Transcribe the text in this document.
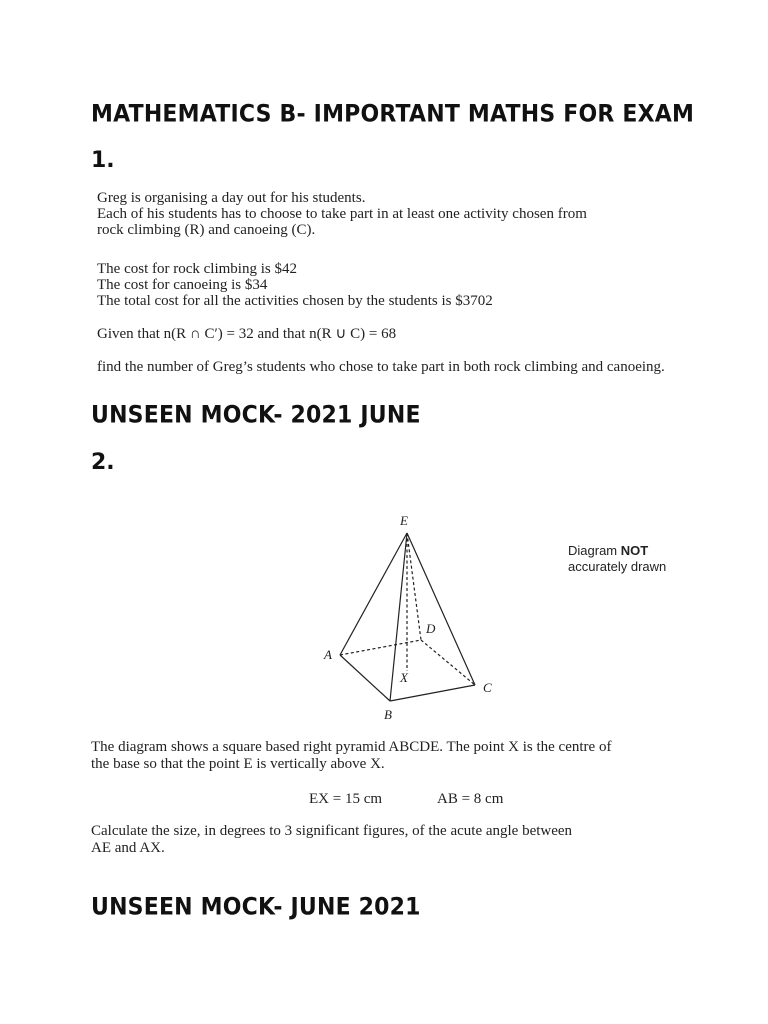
MATHEMATICS B- IMPORTANT MATHS FOR EXAM
1.
Greg is organising a day out for his students.
Each of his students has to choose to take part in at least one activity chosen from
rock climbing (R) and canoeing (C).
The cost for rock climbing is $42
The cost for canoeing is $34
The total cost for all the activities chosen by the students is $3702
Given that n(R ∩ C′) = 32 and that n(R ∪ C) = 68
find the number of Greg’s students who chose to take part in both rock climbing and canoeing.
UNSEEN MOCK- 2021 JUNE
2.
E
D
A
X
C
B
Diagram NOT
accurately drawn
The diagram shows a square based right pyramid ABCDE. The point X is the centre of
the base so that the point E is vertically above X.
EX = 15 cm	AB = 8 cm
Calculate the size, in degrees to 3 significant figures, of the acute angle between
AE and AX.
UNSEEN MOCK- JUNE 2021
